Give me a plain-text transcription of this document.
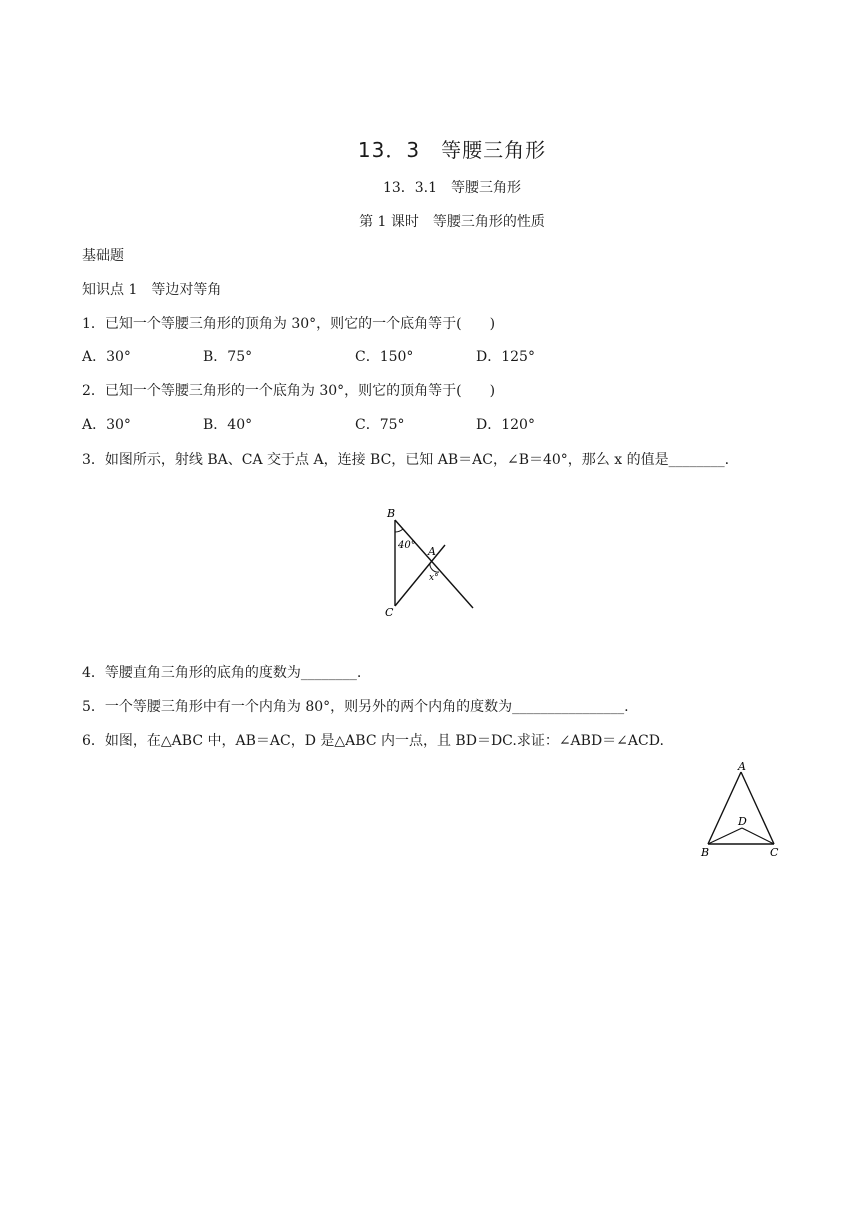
13．3　等腰三角形
13．3.1　等腰三角形
第 1 课时　等腰三角形的性质
基础题
知识点 1　等边对等角
1．已知一个等腰三角形的顶角为 30°，则它的一个底角等于(　　)
A．30°	B．75°	C．150°	D．125°
2．已知一个等腰三角形的一个底角为 30°，则它的顶角等于(　　)
A．30°	B．40°	C．75°	D．120°
3．如图所示，射线 BA、CA 交于点 A，连接 BC，已知 AB＝AC，∠B＝40°，那么 x 的值是________.
B
40° A
x°
C
4．等腰直角三角形的底角的度数为________.
5．一个等腰三角形中有一个内角为 80°，则另外的两个内角的度数为________________.
6．如图，在△ABC 中，AB＝AC，D 是△ABC 内一点，且 BD＝DC.求证：∠ABD＝∠ACD.
A
B	C
D
